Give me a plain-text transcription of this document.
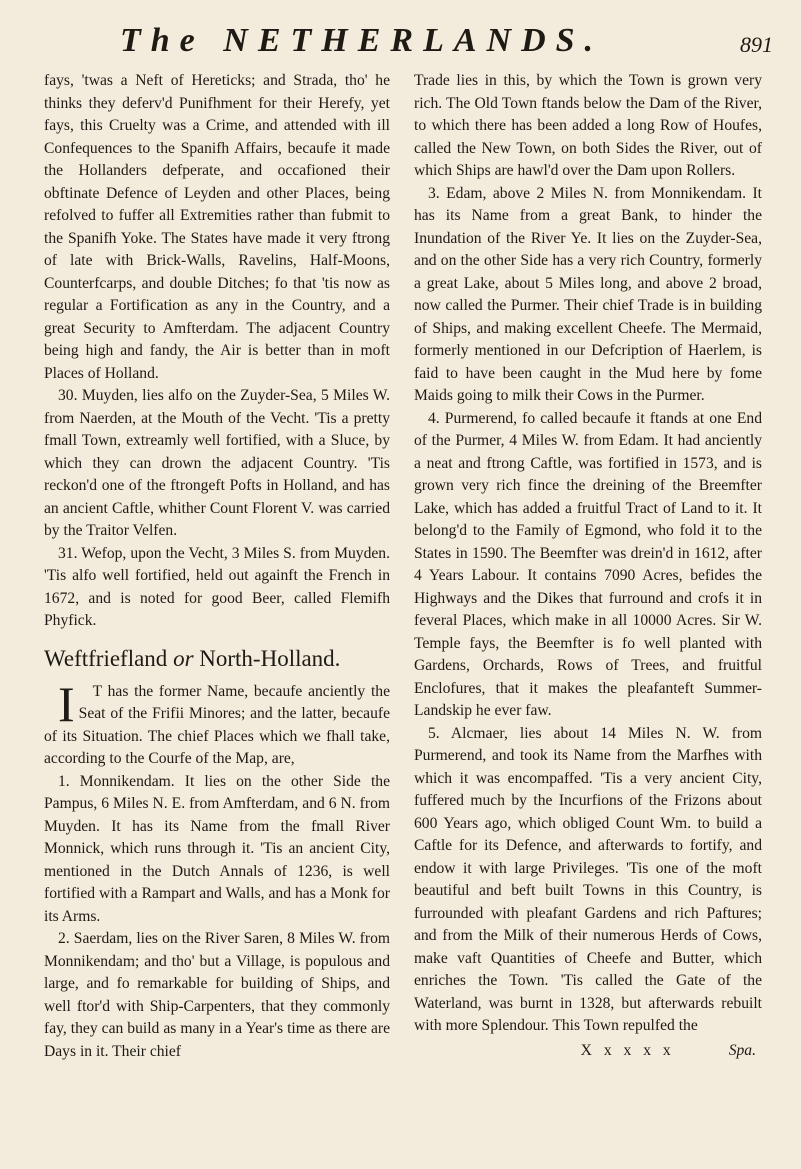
The NETHERLANDS.	891

fays, 'twas a Neft of Hereticks; and Strada, tho' he thinks they deferv'd Punifhment for their Herefy, yet fays, this Cruelty was a Crime, and attended with ill Confequences to the Spanifh Affairs, becaufe it made the Hollanders defperate, and occafioned their obftinate Defence of Leyden and other Places, being refolved to fuffer all Extremities rather than fubmit to the Spanifh Yoke. The States have made it very ftrong of late with Brick-Walls, Ravelins, Half-Moons, Counterfcarps, and double Ditches; fo that 'tis now as regular a Fortification as any in the Country, and a great Security to Amfterdam. The adjacent Country being high and fandy, the Air is better than in moft Places of Holland.

30. Muyden, lies alfo on the Zuyder-Sea, 5 Miles W. from Naerden, at the Mouth of the Vecht. 'Tis a pretty fmall Town, extreamly well fortified, with a Sluce, by which they can drown the adjacent Country. 'Tis reckon'd one of the ftrongeft Pofts in Holland, and has an ancient Caftle, whither Count Florent V. was carried by the Traitor Velfen.

31. Wefop, upon the Vecht, 3 Miles S. from Muyden. 'Tis alfo well fortified, held out againft the French in 1672, and is noted for good Beer, called Flemifh Phyfick.

Weftfriefland or North-Holland.

I T has the former Name, becaufe anciently the Seat of the Frifii Minores; and the latter, becaufe of its Situation. The chief Places which we fhall take, according to the Courfe of the Map, are,

1. Monnikendam. It lies on the other Side the Pampus, 6 Miles N. E. from Amfterdam, and 6 N. from Muyden. It has its Name from the fmall River Monnick, which runs through it. 'Tis an ancient City, mentioned in the Dutch Annals of 1236, is well fortified with a Rampart and Walls, and has a Monk for its Arms.

2. Saerdam, lies on the River Saren, 8 Miles W. from Monnikendam; and tho' but a Village, is populous and large, and fo remarkable for building of Ships, and well ftor'd with Ship-Carpenters, that they commonly fay, they can build as many in a Year's time as there are Days in it. Their chief

Trade lies in this, by which the Town is grown very rich. The Old Town ftands below the Dam of the River, to which there has been added a long Row of Houfes, called the New Town, on both Sides the River, out of which Ships are hawl'd over the Dam upon Rollers.

3. Edam, above 2 Miles N. from Monnikendam. It has its Name from a great Bank, to hinder the Inundation of the River Ye. It lies on the Zuyder-Sea, and on the other Side has a very rich Country, formerly a great Lake, about 5 Miles long, and above 2 broad, now called the Purmer. Their chief Trade is in building of Ships, and making excellent Cheefe. The Mermaid, formerly mentioned in our Defcription of Haerlem, is faid to have been caught in the Mud here by fome Maids going to milk their Cows in the Purmer.

4. Purmerend, fo called becaufe it ftands at one End of the Purmer, 4 Miles W. from Edam. It had anciently a neat and ftrong Caftle, was fortified in 1573, and is grown very rich fince the dreining of the Breemfter Lake, which has added a fruitful Tract of Land to it. It belong'd to the Family of Egmond, who fold it to the States in 1590. The Beemfter was drein'd in 1612, after 4 Years Labour. It contains 7090 Acres, befides the Highways and the Dikes that furround and crofs it in feveral Places, which make in all 10000 Acres. Sir W. Temple fays, the Beemfter is fo well planted with Gardens, Orchards, Rows of Trees, and fruitful Enclofures, that it makes the pleafanteft Summer-Landskip he ever faw.

5. Alcmaer, lies about 14 Miles N. W. from Purmerend, and took its Name from the Marfhes with which it was encompaffed. 'Tis a very ancient City, fuffered much by the Incurfions of the Frizons about 600 Years ago, which obliged Count Wm. to build a Caftle for its Defence, and afterwards to fortify, and endow it with large Privileges. 'Tis one of the moft beautiful and beft built Towns in this Country, is furrounded with pleafant Gardens and rich Paftures; and from the Milk of their numerous Herds of Cows, make vaft Quantities of Cheefe and Butter, which enriches the Town. 'Tis called the Gate of the Waterland, was burnt in 1328, but afterwards rebuilt with more Splendour. This Town repulfed the

X x x x x	Spa.
